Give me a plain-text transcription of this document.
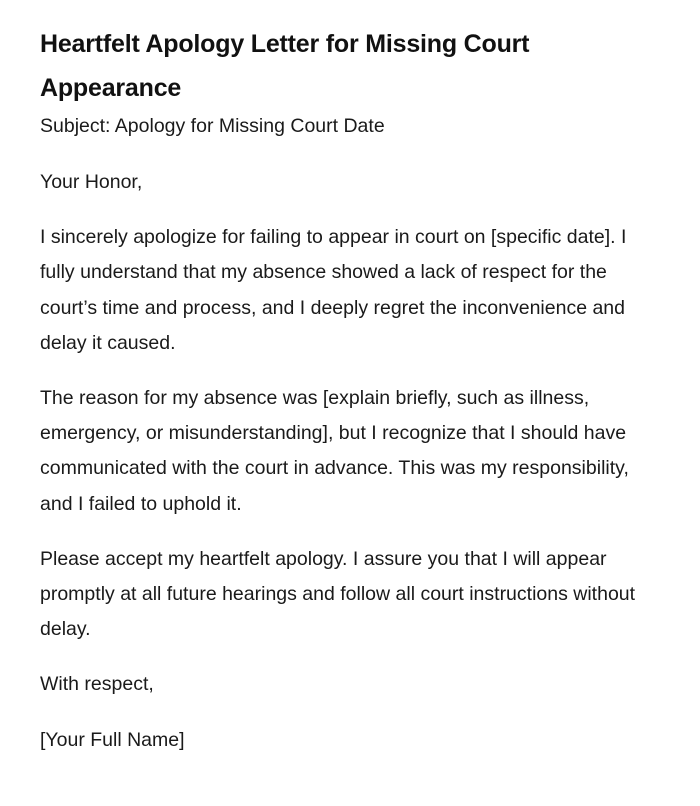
Heartfelt Apology Letter for Missing Court Appearance

Subject: Apology for Missing Court Date

Your Honor,

I sincerely apologize for failing to appear in court on [specific date]. I fully understand that my absence showed a lack of respect for the court’s time and process, and I deeply regret the inconvenience and delay it caused.

The reason for my absence was [explain briefly, such as illness, emergency, or misunderstanding], but I recognize that I should have communicated with the court in advance. This was my responsibility, and I failed to uphold it.

Please accept my heartfelt apology. I assure you that I will appear promptly at all future hearings and follow all court instructions without delay.

With respect,

[Your Full Name]
